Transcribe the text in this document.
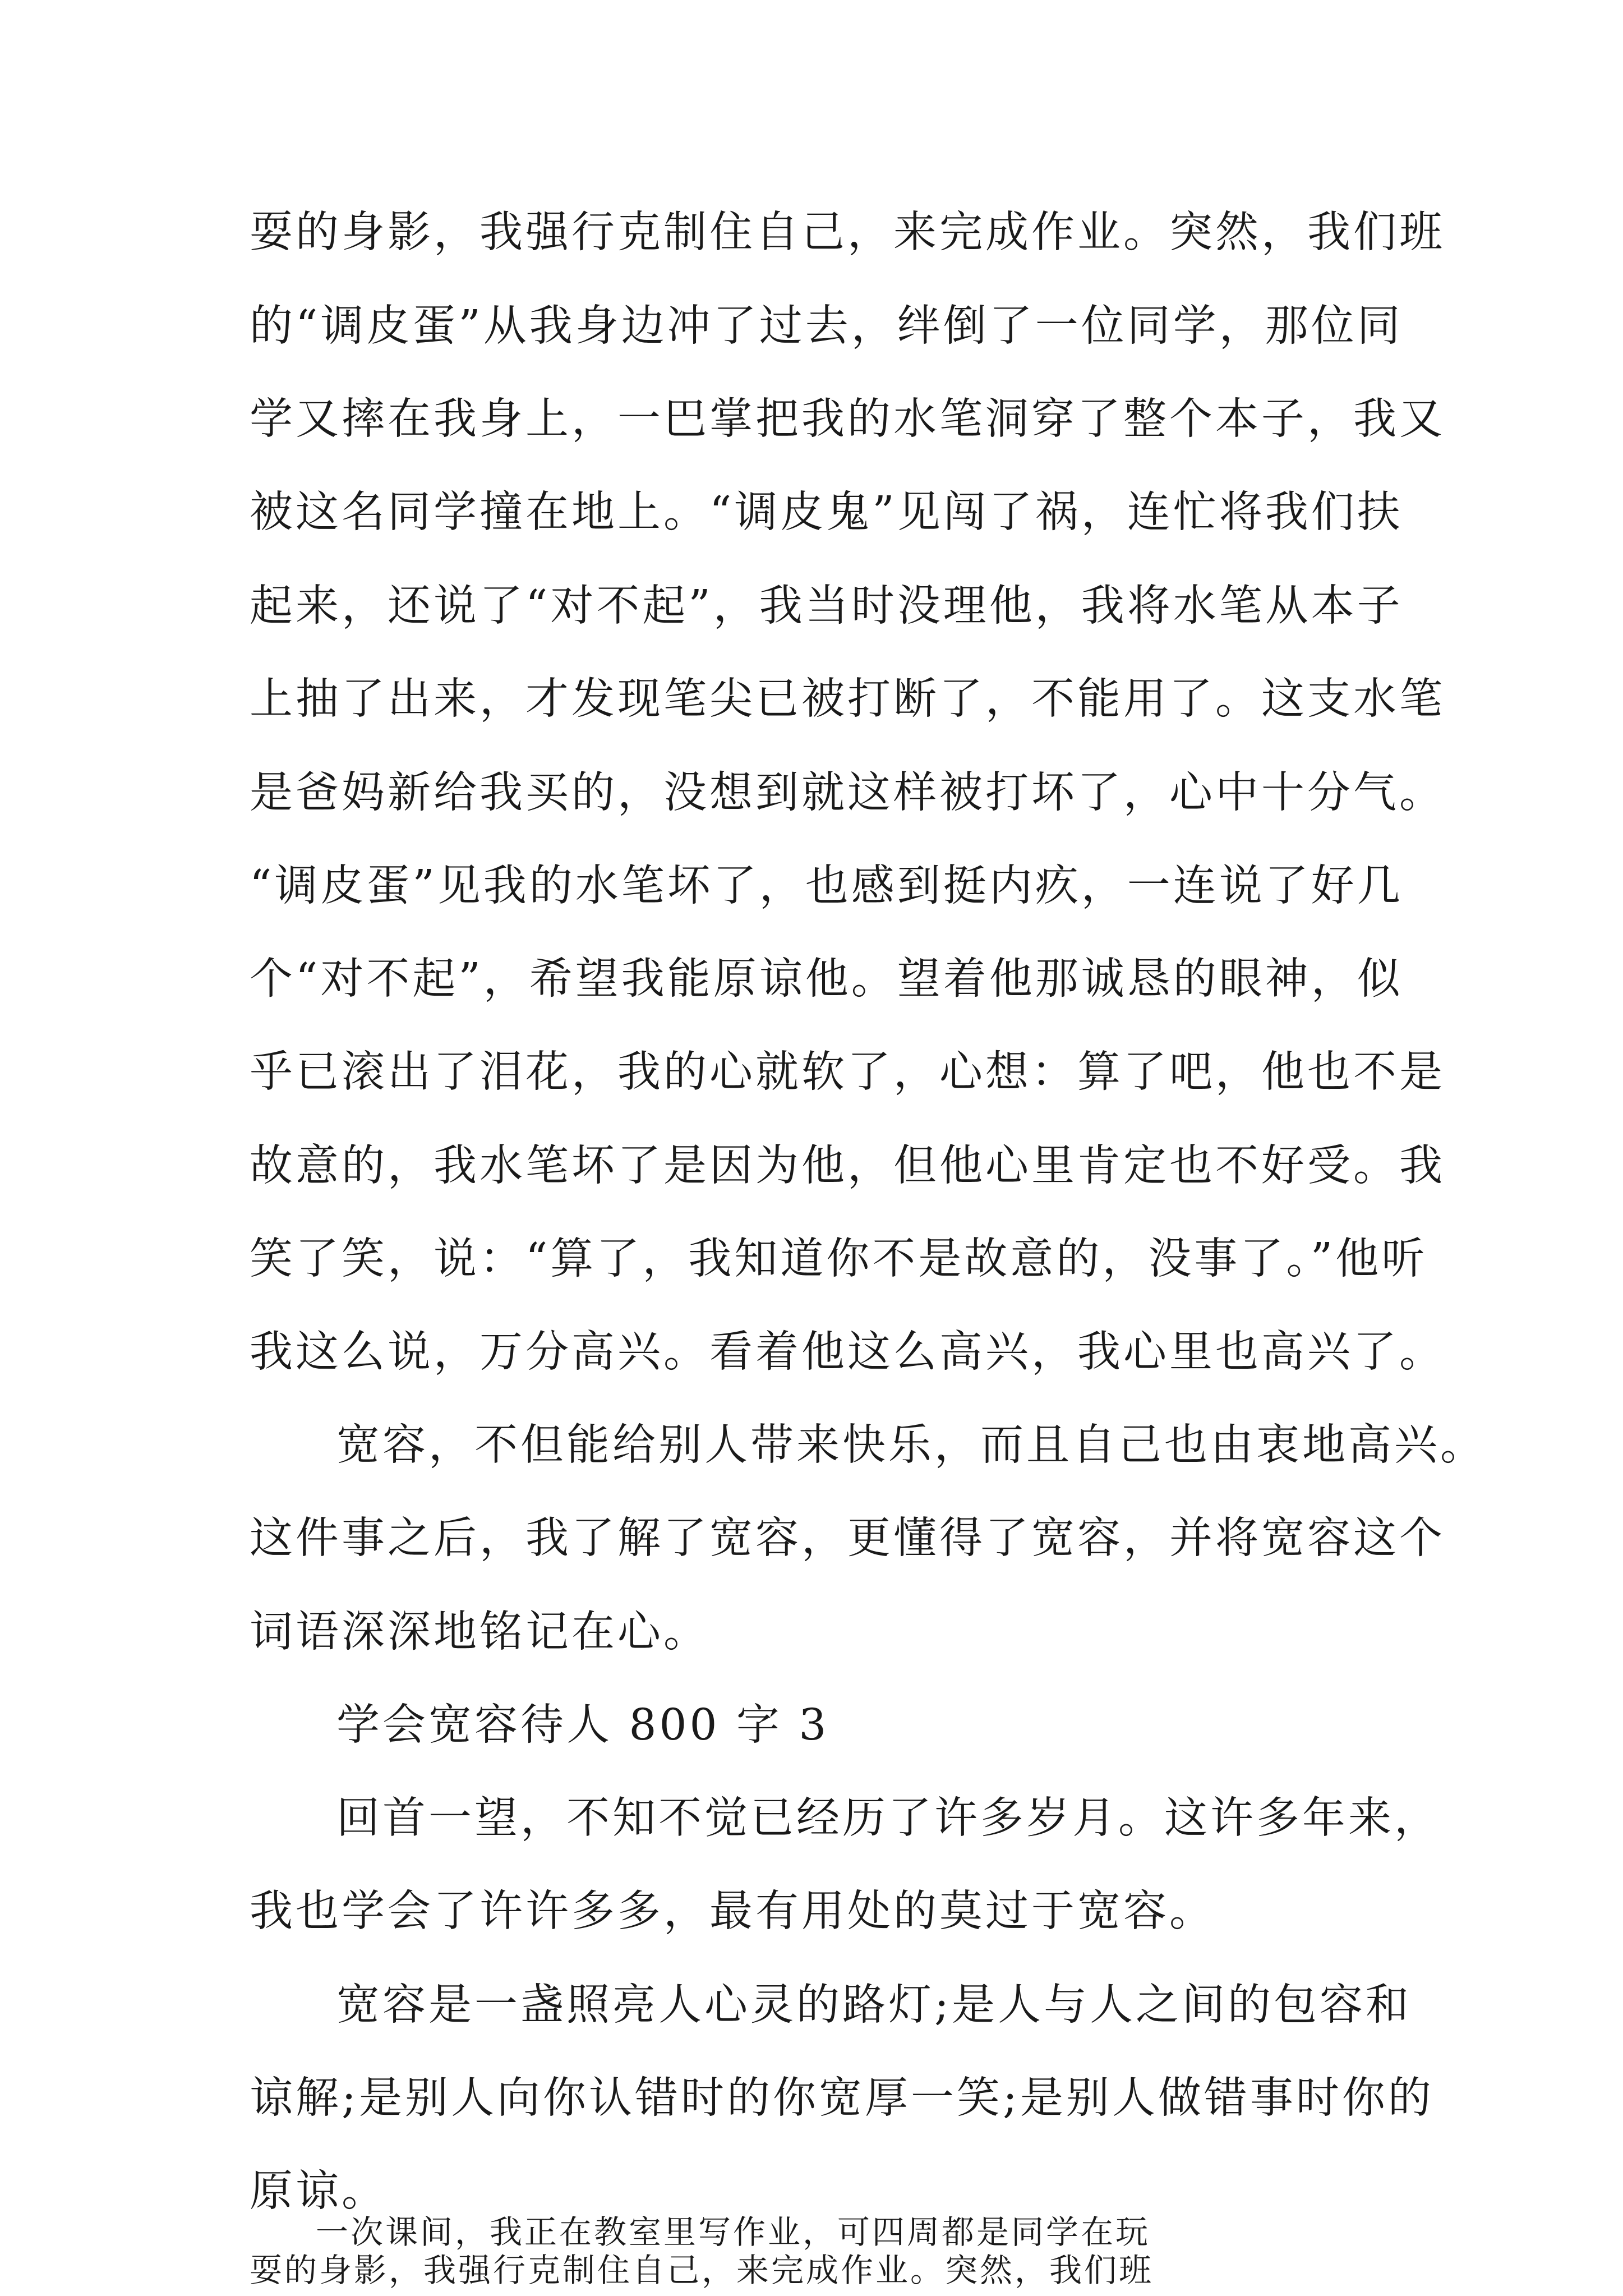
耍的身影，我强行克制住自己，来完成作业。突然，我们班
的“调皮蛋”从我身边冲了过去，绊倒了一位同学，那位同
学又摔在我身上，一巴掌把我的水笔洞穿了整个本子，我又
被这名同学撞在地上。“调皮鬼”见闯了祸，连忙将我们扶
起来，还说了“对不起”，我当时没理他，我将水笔从本子
上抽了出来，才发现笔尖已被打断了，不能用了。这支水笔
是爸妈新给我买的，没想到就这样被打坏了，心中十分气。
“调皮蛋”见我的水笔坏了，也感到挺内疚，一连说了好几
个“对不起”，希望我能原谅他。望着他那诚恳的眼神，似
乎已滚出了泪花，我的心就软了，心想：算了吧，他也不是
故意的，我水笔坏了是因为他，但他心里肯定也不好受。我
笑了笑，说：“算了，我知道你不是故意的，没事了。”他听
我这么说，万分高兴。看着他这么高兴，我心里也高兴了。
宽容，不但能给别人带来快乐，而且自己也由衷地高兴。
这件事之后，我了解了宽容，更懂得了宽容，并将宽容这个
词语深深地铭记在心。
学会宽容待人 800 字 3
回首一望，不知不觉已经历了许多岁月。这许多年来，
我也学会了许许多多，最有用处的莫过于宽容。
宽容是一盏照亮人心灵的路灯;是人与人之间的包容和
谅解;是别人向你认错时的你宽厚一笑;是别人做错事时你的
原谅。
一次课间，我正在教室里写作业，可四周都是同学在玩
耍的身影，我强行克制住自己，来完成作业。突然，我们班
